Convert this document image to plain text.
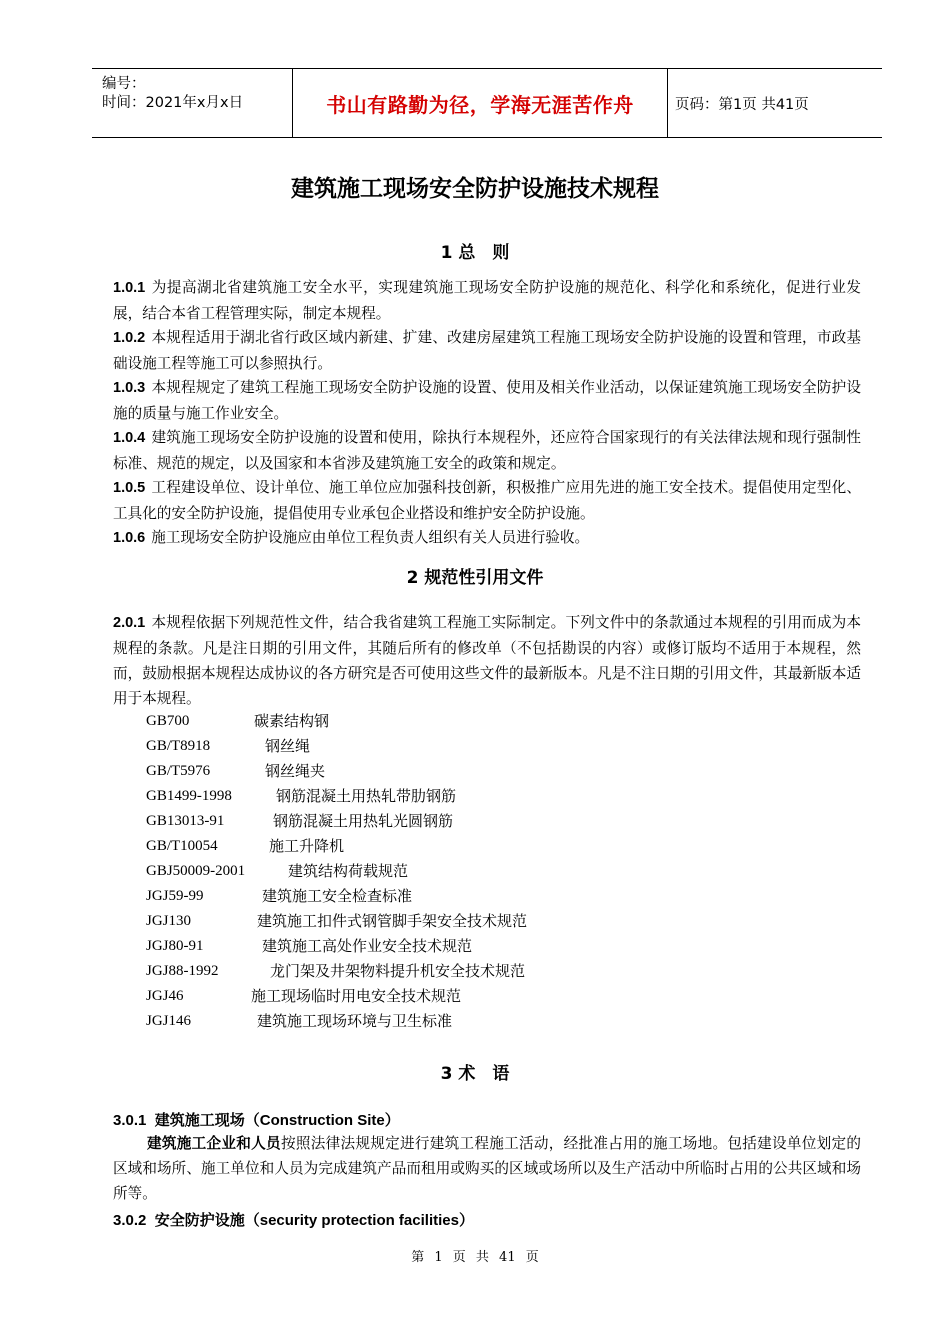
编号：
时间：2021年x月x日	书山有路勤为径，学海无涯苦作舟	页码：第1页 共41页
建筑施工现场安全防护设施技术规程
1 总　则
1.0.1 为提高湖北省建筑施工安全水平，实现建筑施工现场安全防护设施的规范化、科学化和系统化，促进行业发展，结合本省工程管理实际，制定本规程。
1.0.2 本规程适用于湖北省行政区域内新建、扩建、改建房屋建筑工程施工现场安全防护设施的设置和管理，市政基础设施工程等施工可以参照执行。
1.0.3 本规程规定了建筑工程施工现场安全防护设施的设置、使用及相关作业活动，以保证建筑施工现场安全防护设施的质量与施工作业安全。
1.0.4 建筑施工现场安全防护设施的设置和使用，除执行本规程外，还应符合国家现行的有关法律法规和现行强制性标准、规范的规定，以及国家和本省涉及建筑施工安全的政策和规定。
1.0.5 工程建设单位、设计单位、施工单位应加强科技创新，积极推广应用先进的施工安全技术。提倡使用定型化、工具化的安全防护设施，提倡使用专业承包企业搭设和维护安全防护设施。
1.0.6 施工现场安全防护设施应由单位工程负责人组织有关人员进行验收。
2 规范性引用文件
2.0.1 本规程依据下列规范性文件，结合我省建筑工程施工实际制定。下列文件中的条款通过本规程的引用而成为本规程的条款。凡是注日期的引用文件，其随后所有的修改单（不包括勘误的内容）或修订版均不适用于本规程，然而，鼓励根据本规程达成协议的各方研究是否可使用这些文件的最新版本。凡是不注日期的引用文件，其最新版本适用于本规程。
GB700	碳素结构钢
GB/T8918	钢丝绳
GB/T5976	钢丝绳夹
GB1499-1998	钢筋混凝土用热轧带肋钢筋
GB13013-91	钢筋混凝土用热轧光圆钢筋
GB/T10054	施工升降机
GBJ50009-2001	建筑结构荷载规范
JGJ59-99	建筑施工安全检查标准
JGJ130	建筑施工扣件式钢管脚手架安全技术规范
JGJ80-91	建筑施工高处作业安全技术规范
JGJ88-1992	龙门架及井架物料提升机安全技术规范
JGJ46	施工现场临时用电安全技术规范
JGJ146	建筑施工现场环境与卫生标准
3 术　语
3.0.1 建筑施工现场（Construction Site）
建筑施工企业和人员按照法律法规规定进行建筑工程施工活动，经批准占用的施工场地。包括建设单位划定的区域和场所、施工单位和人员为完成建筑产品而租用或购买的区域或场所以及生产活动中所临时占用的公共区域和场所等。
3.0.2 安全防护设施（security protection facilities）
第 1 页 共 41 页
